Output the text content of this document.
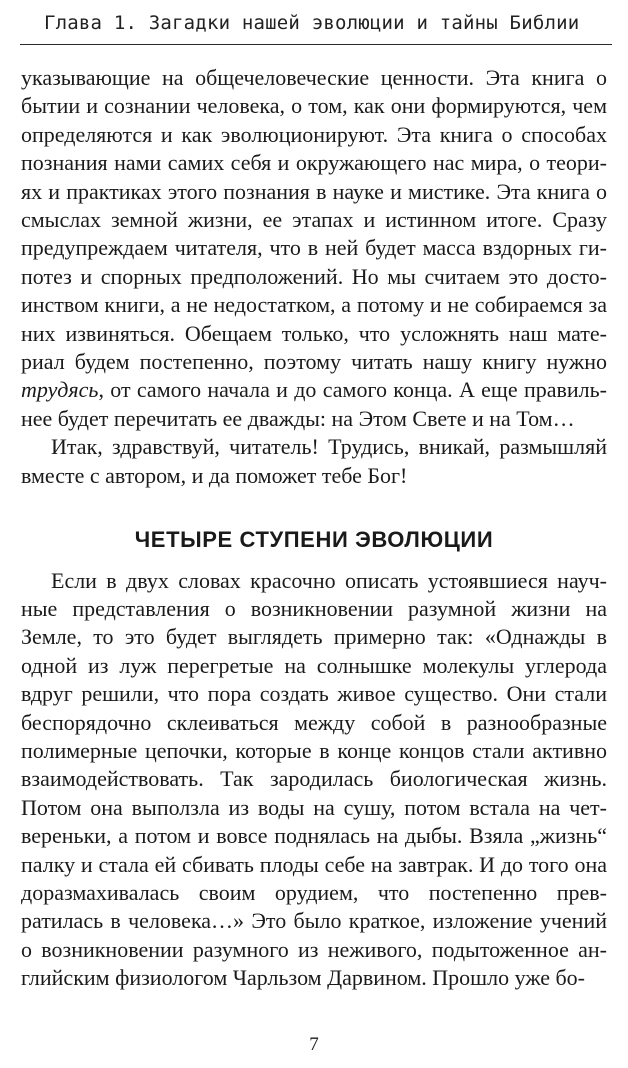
Глава 1. Загадки нашей эволюции и тайны Библии

указывающие на общечеловеческие ценности. Эта книга о бытии и сознании человека, о том, как они формируются, чем определяются и как эволюционируют. Эта книга о способах познания нами самих себя и окружающего нас мира, о теориях и практиках этого познания в науке и мистике. Эта книга о смыслах земной жизни, ее этапах и истинном итоге. Сразу предупреждаем читателя, что в ней будет масса вздорных гипотез и спорных предположений. Но мы считаем это достоинством книги, а не недостатком, а потому и не собираемся за них извиняться. Обещаем только, что усложнять наш материал будем постепенно, поэтому читать нашу книгу нужно трудясь, от самого начала и до самого конца. А еще правильнее будет перечитать ее дважды: на Этом Свете и на Том…

Итак, здравствуй, читатель! Трудись, вникай, размышляй вместе с автором, и да поможет тебе Бог!

ЧЕТЫРЕ СТУПЕНИ ЭВОЛЮЦИИ

Если в двух словах красочно описать устоявшиеся научные представления о возникновении разумной жизни на Земле, то это будет выглядеть примерно так: «Однажды в одной из луж перегретые на солнышке молекулы углерода вдруг решили, что пора создать живое существо. Они стали беспорядочно склеиваться между собой в разнообразные полимерные цепочки, которые в конце концов стали активно взаимодействовать. Так зародилась биологическая жизнь. Потом она выползла из воды на сушу, потом встала на четвереньки, а потом и вовсе поднялась на дыбы. Взяла „жизнь“ палку и стала ей сбивать плоды себе на завтрак. И до того она доразмахивалась своим орудием, что постепенно превратилась в человека…» Это было краткое, изложение учений о возникновении разумного из неживого, подытоженное английским физиологом Чарльзом Дарвином. Прошло уже бо-

7
